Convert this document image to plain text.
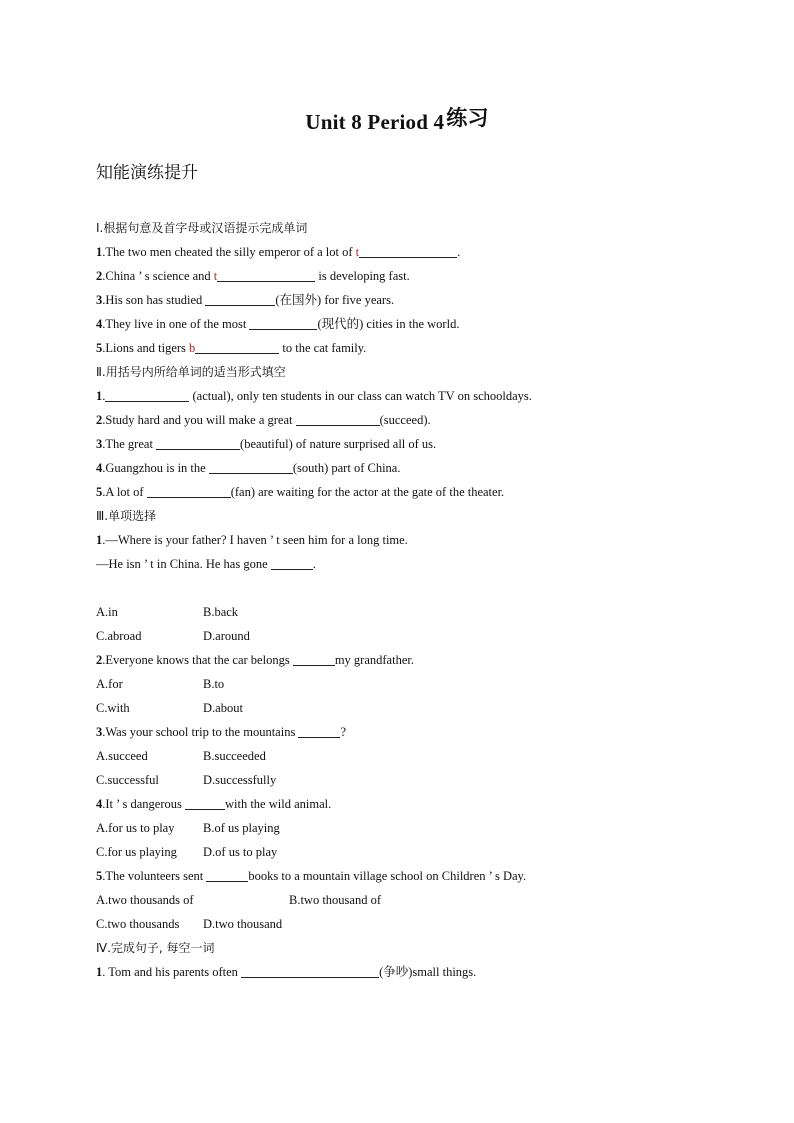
Unit 8 Period 4练习
知能演练提升
Ⅰ.根据句意及首字母或汉语提示完成单词
1.The two men cheated the silly emperor of a lot of t	.
2.China ’ s science and t	is developing fast.
3.His son has studied	(在国外) for five years.
4.They live in one of the most	(现代的) cities in the world.
5.Lions and tigers b	to the cat family.
Ⅱ.用括号内所给单词的适当形式填空
1.	(actual), only ten students in our class can watch TV on schooldays.
2.Study hard and you will make a great	(succeed).
3.The great	(beautiful) of nature surprised all of us.
4.Guangzhou is in the	(south) part of China.
5.A lot of	(fan) are waiting for the actor at the gate of the theater.
Ⅲ.单项选择
1.—Where is your father? I haven ’ t seen him for a long time.
—He isn ’ t in China. He has gone	.
A.in	B.back
C.abroad	D.around
2.Everyone knows that the car belongs	my grandfather.
A.for	B.to
C.with	D.about
3.Was your school trip to the mountains	?
A.succeed	B.succeeded
C.successful	D.successfully
4.It ’ s dangerous	with the wild animal.
A.for us to play B.of us playing
C.for us playing D.of us to play
5.The volunteers sent	books to a mountain village school on Children ’ s Day.
A.two thousands of	B.two thousand of
C.two thousands D.two thousand
Ⅳ.完成句子, 每空一词
1. Tom and his parents often	(争吵)small things.
